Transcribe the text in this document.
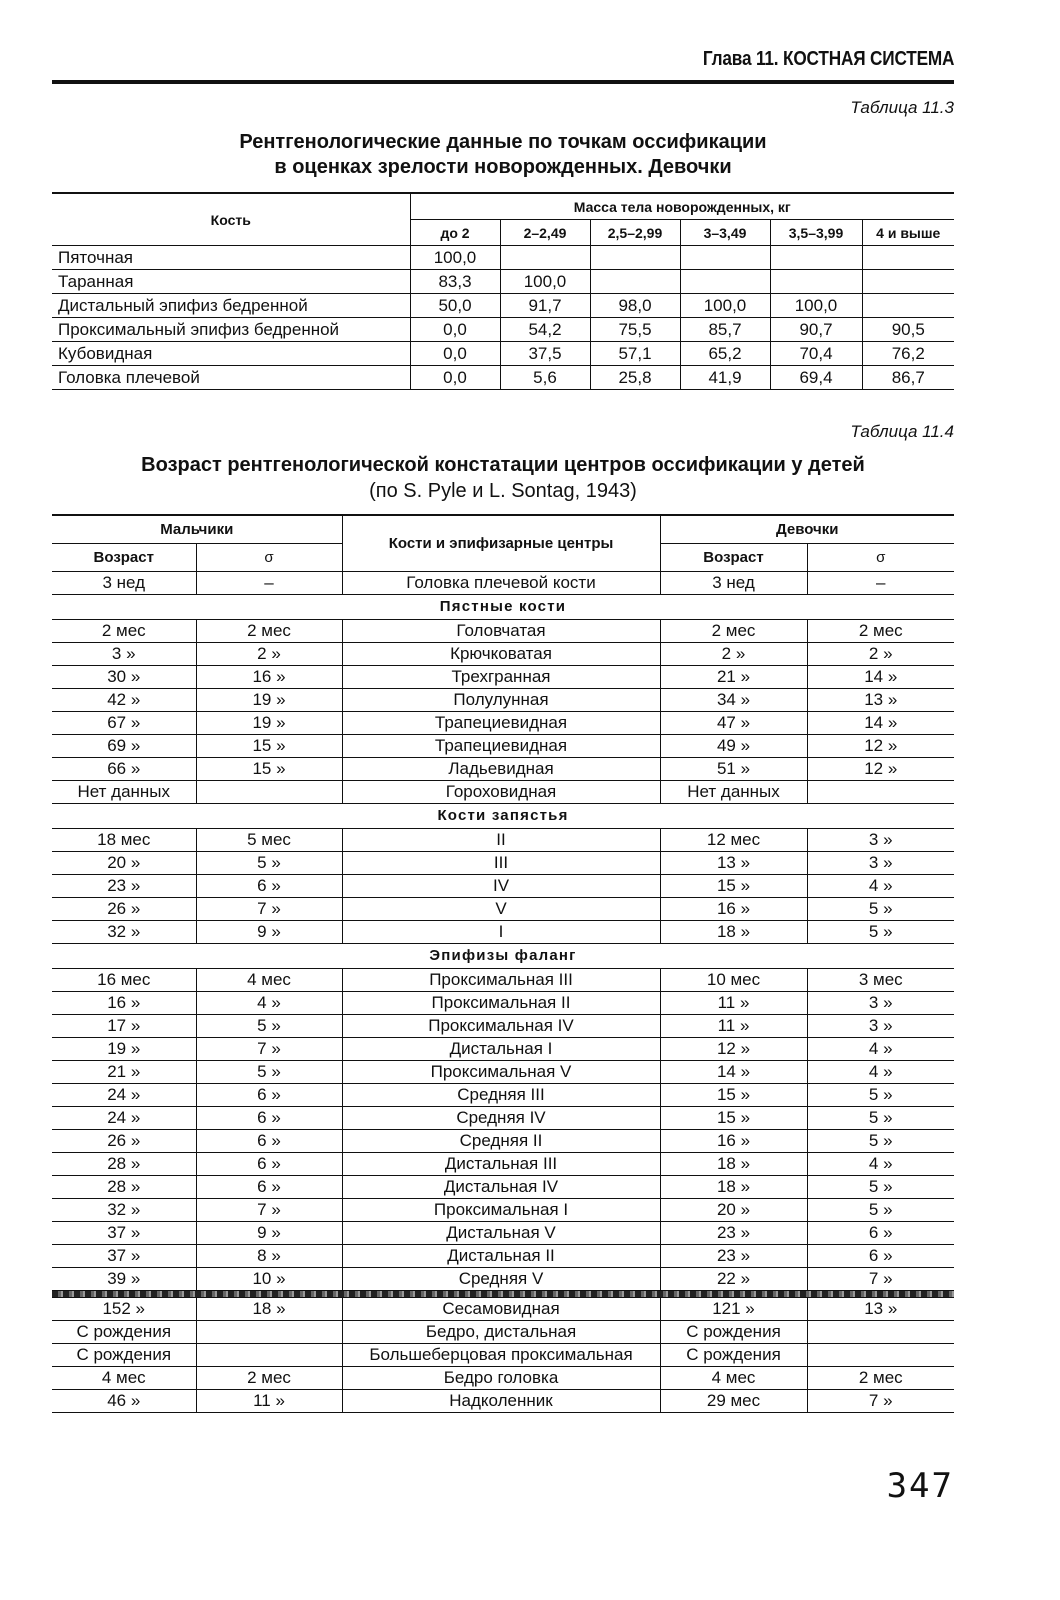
Глава 11. КОСТНАЯ СИСТЕМА
Таблица 11.3
Рентгенологические данные по точкам оссификации
в оценках зрелости новорожденных. Девочки
Кость	Масса тела новорожденных, кг					
	до 2	2–2,49	2,5–2,99	3–3,49	3,5–3,99	4 и выше
Пяточная	100,0					
Таранная	83,3	100,0				
Дистальный эпифиз бедренной	50,0	91,7	98,0	100,0	100,0	
Проксимальный эпифиз бедренной	0,0	54,2	75,5	85,7	90,7	90,5
Кубовидная	0,0	37,5	57,1	65,2	70,4	76,2
Головка плечевой	0,0	5,6	25,8	41,9	69,4	86,7
Таблица 11.4
Возраст рентгенологической констатации центров оссификации у детей
(по S. Pyle и L. Sontag, 1943)
Мальчики		Кости и эпифизарные центры	Девочки	
Возраст	σ		Возраст	σ
3 нед	–	Головка плечевой кости	3 нед	–
Пястные кости				
2 мес	2 мес	Головчатая	2 мес	2 мес
3 »	2 »	Крючковатая	2 »	2 »
30 »	16 »	Трехгранная	21 »	14 »
42 »	19 »	Полулунная	34 »	13 »
67 »	19 »	Трапециевидная	47 »	14 »
69 »	15 »	Трапециевидная	49 »	12 »
66 »	15 »	Ладьевидная	51 »	12 »
Нет данных		Гороховидная	Нет данных	
Кости запястья				
18 мес	5 мес	II	12 мес	3 »
20 »	5 »	III	13 »	3 »
23 »	6 »	IV	15 »	4 »
26 »	7 »	V	16 »	5 »
32 »	9 »	I	18 »	5 »
Эпифизы фаланг				
16 мес	4 мес	Проксимальная III	10 мес	3 мес
16 »	4 »	Проксимальная II	11 »	3 »
17 »	5 »	Проксимальная IV	11 »	3 »
19 »	7 »	Дистальная I	12 »	4 »
21 »	5 »	Проксимальная V	14 »	4 »
24 »	6 »	Средняя III	15 »	5 »
24 »	6 »	Средняя IV	15 »	5 »
26 »	6 »	Средняя II	16 »	5 »
28 »	6 »	Дистальная III	18 »	4 »
28 »	6 »	Дистальная IV	18 »	5 »
32 »	7 »	Проксимальная I	20 »	5 »
37 »	9 »	Дистальная V	23 »	6 »
37 »	8 »	Дистальная II	23 »	6 »
39 »	10 »	Средняя V	22 »	7 »

152 »	18 »	Сесамовидная	121 »	13 »
С рождения		Бедро, дистальная	С рождения	
С рождения		Большеберцовая проксимальная	С рождения	
4 мес	2 мес	Бедро головка	4 мес	2 мес
46 »	11 »	Надколенник	29 мес	7 »
347
